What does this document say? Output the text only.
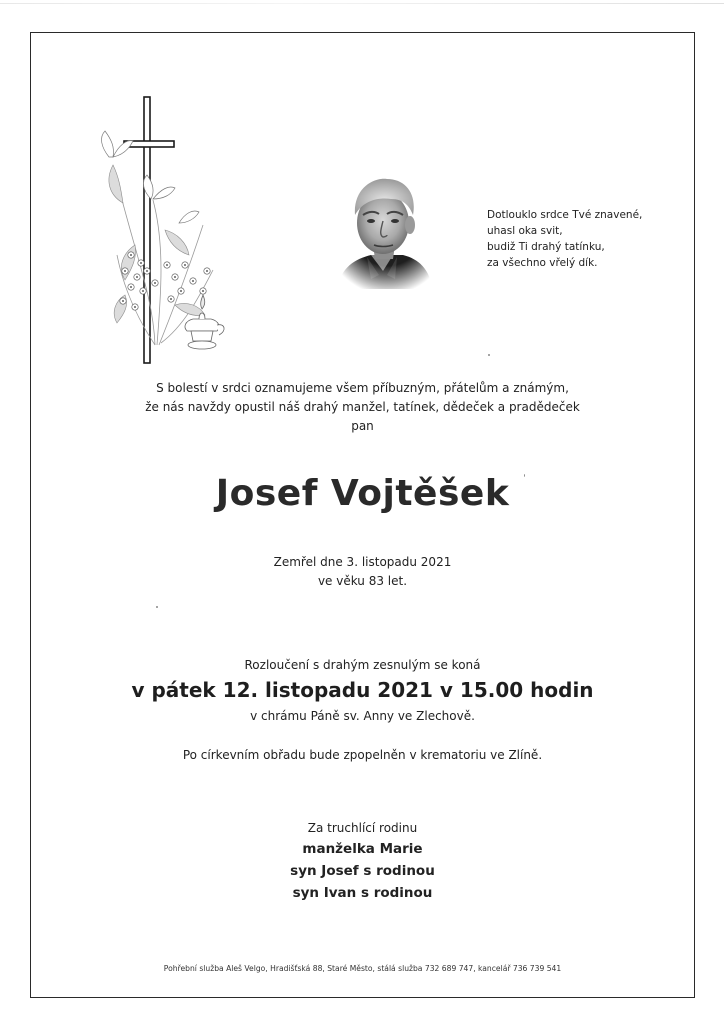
Dotlouklo srdce Tvé znavené,
uhasl oka svit,
budiž Ti drahý tatínku,
za všechno vřelý dík.
S bolestí v srdci oznamujeme všem příbuzným, přátelům a známým,
že nás navždy opustil náš drahý manžel, tatínek, dědeček a pradědeček
pan
Josef Vojtěšek
Zemřel dne 3. listopadu 2021
ve věku 83 let.
Rozloučení s drahým zesnulým se koná
v pátek 12. listopadu 2021 v 15.00 hodin
v chrámu Páně sv. Anny ve Zlechově.
Po církevním obřadu bude zpopelněn v krematoriu ve Zlíně.
Za truchlící rodinu
manželka Marie
syn Josef s rodinou
syn Ivan s rodinou
Pohřební služba Aleš Velgo, Hradišťská 88, Staré Město, stálá služba 732 689 747, kancelář 736 739 541
